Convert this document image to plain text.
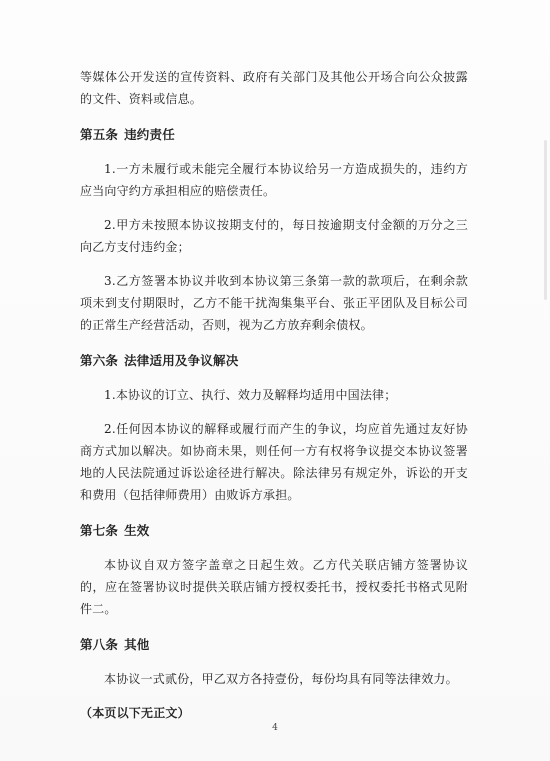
等媒体公开发送的宣传资料、政府有关部门及其他公开场合向公众披露的文件、资料或信息。

第五条 违约责任

1.一方未履行或未能完全履行本协议给另一方造成损失的，违约方应当向守约方承担相应的赔偿责任。

2.甲方未按照本协议按期支付的，每日按逾期支付金额的万分之三向乙方支付违约金；

3.乙方签署本协议并收到本协议第三条第一款的款项后，在剩余款项未到支付期限时，乙方不能干扰淘集集平台、张正平团队及目标公司的正常生产经营活动，否则，视为乙方放弃剩余债权。

第六条 法律适用及争议解决

1.本协议的订立、执行、效力及解释均适用中国法律；

2.任何因本协议的解释或履行而产生的争议，均应首先通过友好协商方式加以解决。如协商未果，则任何一方有权将争议提交本协议签署地的人民法院通过诉讼途径进行解决。除法律另有规定外，诉讼的开支和费用（包括律师费用）由败诉方承担。

第七条 生效

本协议自双方签字盖章之日起生效。乙方代关联店铺方签署协议的，应在签署协议时提供关联店铺方授权委托书，授权委托书格式见附件二。

第八条 其他

本协议一式贰份，甲乙双方各持壹份，每份均具有同等法律效力。

（本页以下无正文）

4
